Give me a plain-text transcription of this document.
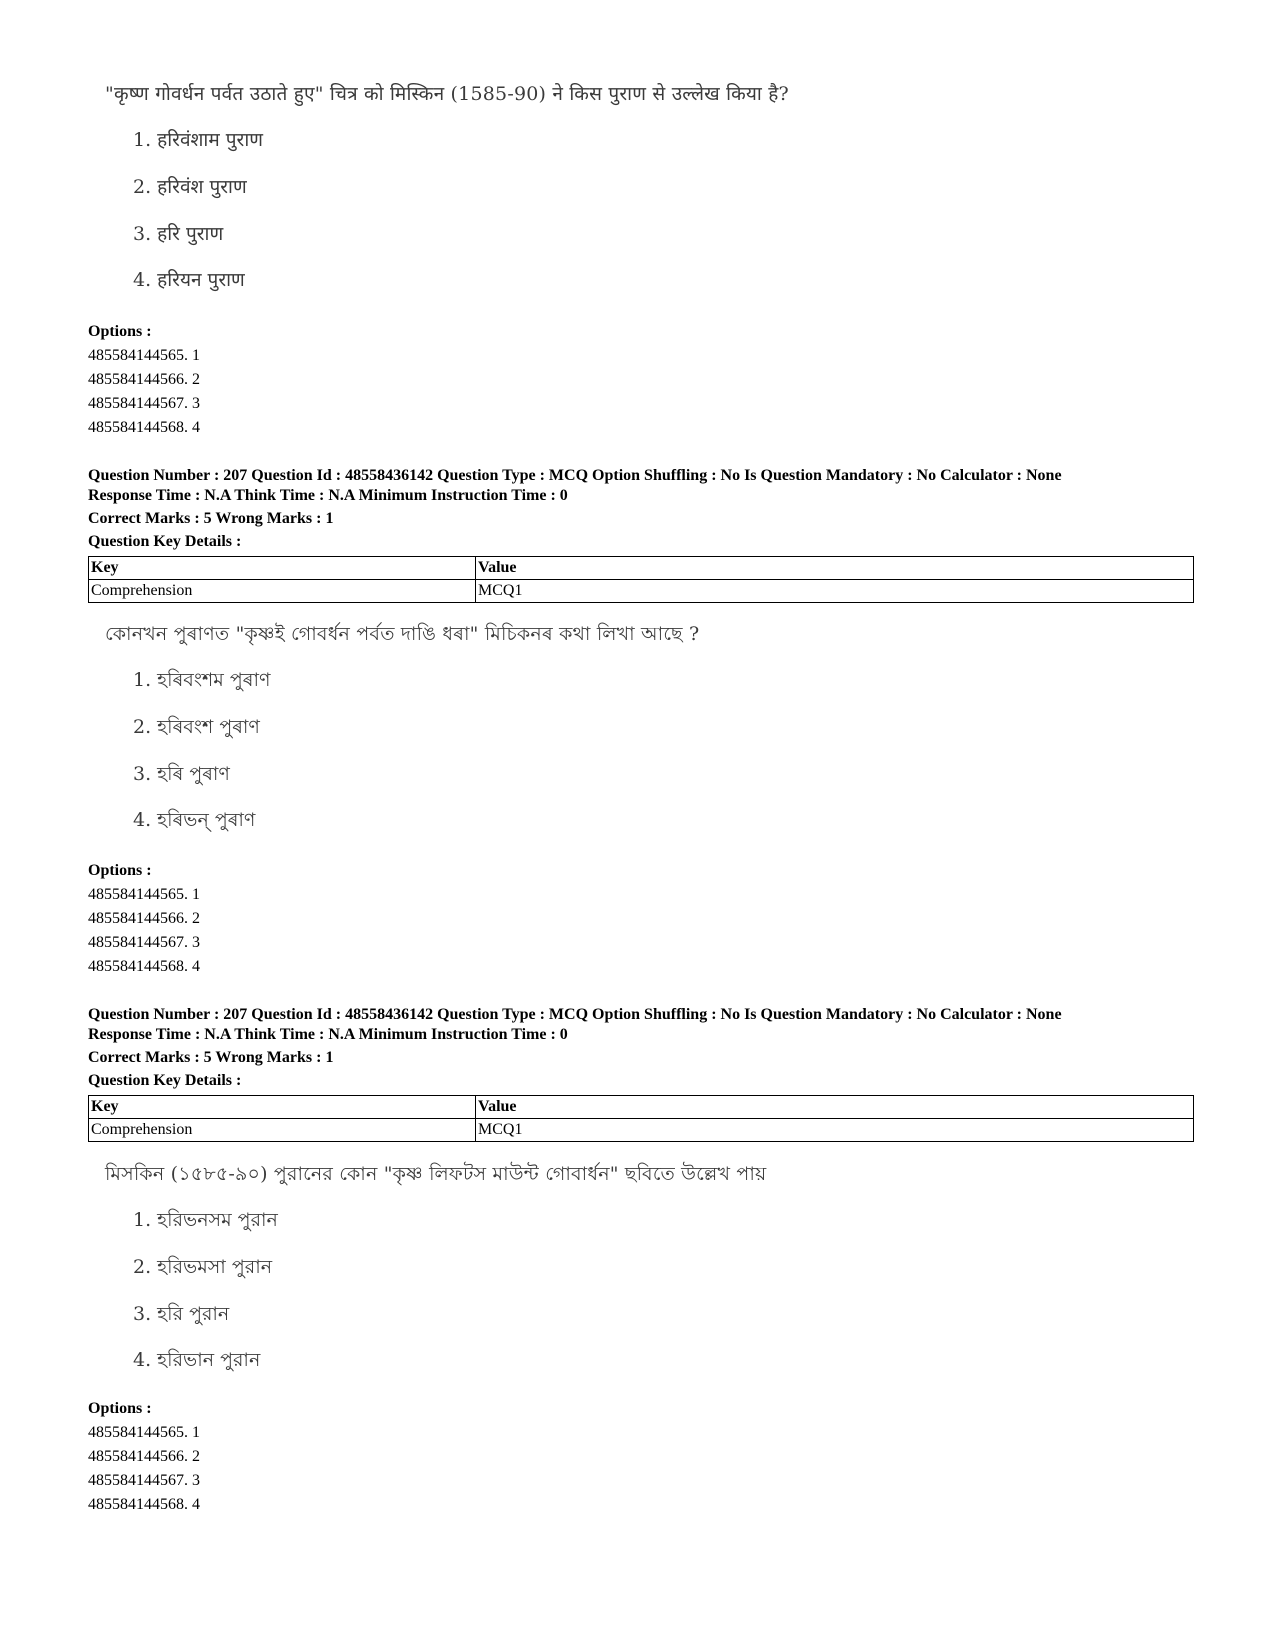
"कृष्ण गोवर्धन पर्वत उठाते हुए" चित्र को मिस्किन (1585-90) ने किस पुराण से उल्लेख किया है?

1. हरिवंशाम पुराण

2. हरिवंश पुराण

3. हरि पुराण

4. हरियन पुराण

Options :
485584144565. 1
485584144566. 2
485584144567. 3
485584144568. 4

Question Number : 207 Question Id : 48558436142 Question Type : MCQ Option Shuffling : No Is Question Mandatory : No Calculator : None

Response Time : N.A Think Time : N.A Minimum Instruction Time : 0

Correct Marks : 5 Wrong Marks : 1

Question Key Details :

Key	Value
Comprehension	MCQ1

কোনখন পুৰাণত "কৃষ্ণই গোবৰ্ধন পৰ্বত দাঙি ধৰা" মিচিকনৰ কথা লিখা আছে ?

1. হৰিবংশম পুৰাণ

2. হৰিবংশ পুৰাণ

3. হৰি পুৰাণ

4. হৰিভন্ পুৰাণ

Options :
485584144565. 1
485584144566. 2
485584144567. 3
485584144568. 4

Question Number : 207 Question Id : 48558436142 Question Type : MCQ Option Shuffling : No Is Question Mandatory : No Calculator : None

Response Time : N.A Think Time : N.A Minimum Instruction Time : 0

Correct Marks : 5 Wrong Marks : 1

Question Key Details :

Key	Value
Comprehension	MCQ1

মিসকিন (১৫৮৫-৯০) পুরানের কোন "কৃষ্ণ লিফটস মাউন্ট গোবার্ধন" ছবিতে উল্লেখ পায়

1. হরিভনসম পুরান

2. হরিভমসা পুরান

3. হরি পুরান

4. হরিভান পুরান

Options :
485584144565. 1
485584144566. 2
485584144567. 3
485584144568. 4
